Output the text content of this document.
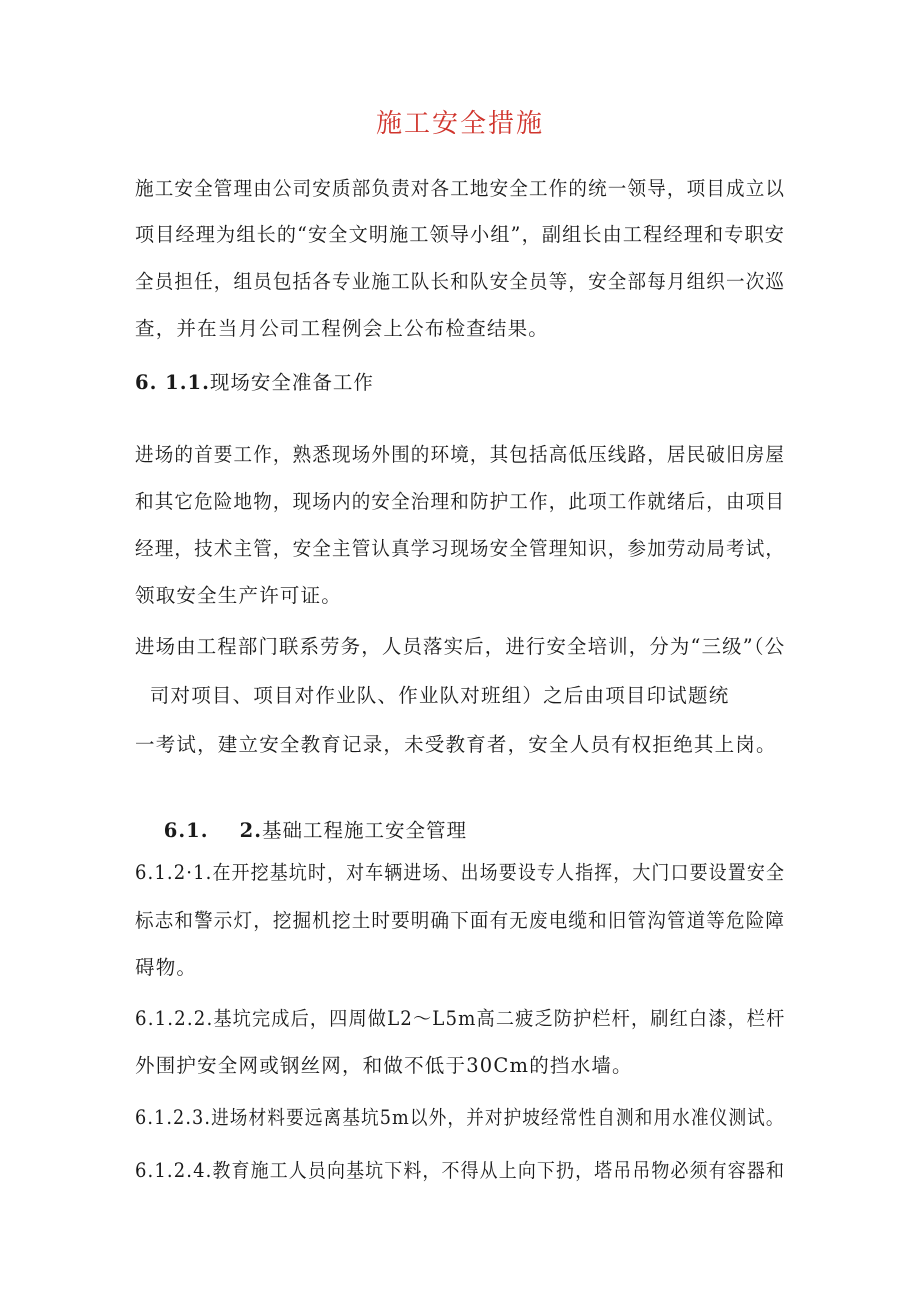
施工安全措施
施工安全管理由公司安质部负责对各工地安全工作的统一领导，项目成立以
项目经理为组长的“安全文明施工领导小组”，副组长由工程经理和专职安
全员担任，组员包括各专业施工队长和队安全员等，安全部每月组织一次巡
查，并在当月公司工程例会上公布检查结果。
6. 1.1.现场安全准备工作
进场的首要工作，熟悉现场外围的环境，其包括高低压线路，居民破旧房屋
和其它危险地物，现场内的安全治理和防护工作，此项工作就绪后，由项目
经理，技术主管，安全主管认真学习现场安全管理知识，参加劳动局考试，
领取安全生产许可证。
进场由工程部门联系劳务，人员落实后，进行安全培训，分为“三级”（公
司对项目、项目对作业队、作业队对班组）之后由项目印试题统
一考试，建立安全教育记录，未受教育者，安全人员有权拒绝其上岗。

6.1.    2.基础工程施工安全管理

6.1.2·1.在开挖基坑时，对车辆进场、出场要设专人指挥，大门口要设置安全
标志和警示灯，挖掘机挖土时要明确下面有无废电缆和旧管沟管道等危险障
碍物。
6.1.2.2.基坑完成后，四周做L2～L5m高二疲乏防护栏杆，刷红白漆，栏杆
外围护安全网或钢丝网，和做不低于30Cm的挡水墙。
6.1.2.3.进场材料要远离基坑5m以外，并对护坡经常性自测和用水准仪测试。
6.1.2.4.教育施工人员向基坑下料，不得从上向下扔，塔吊吊物必须有容器和
